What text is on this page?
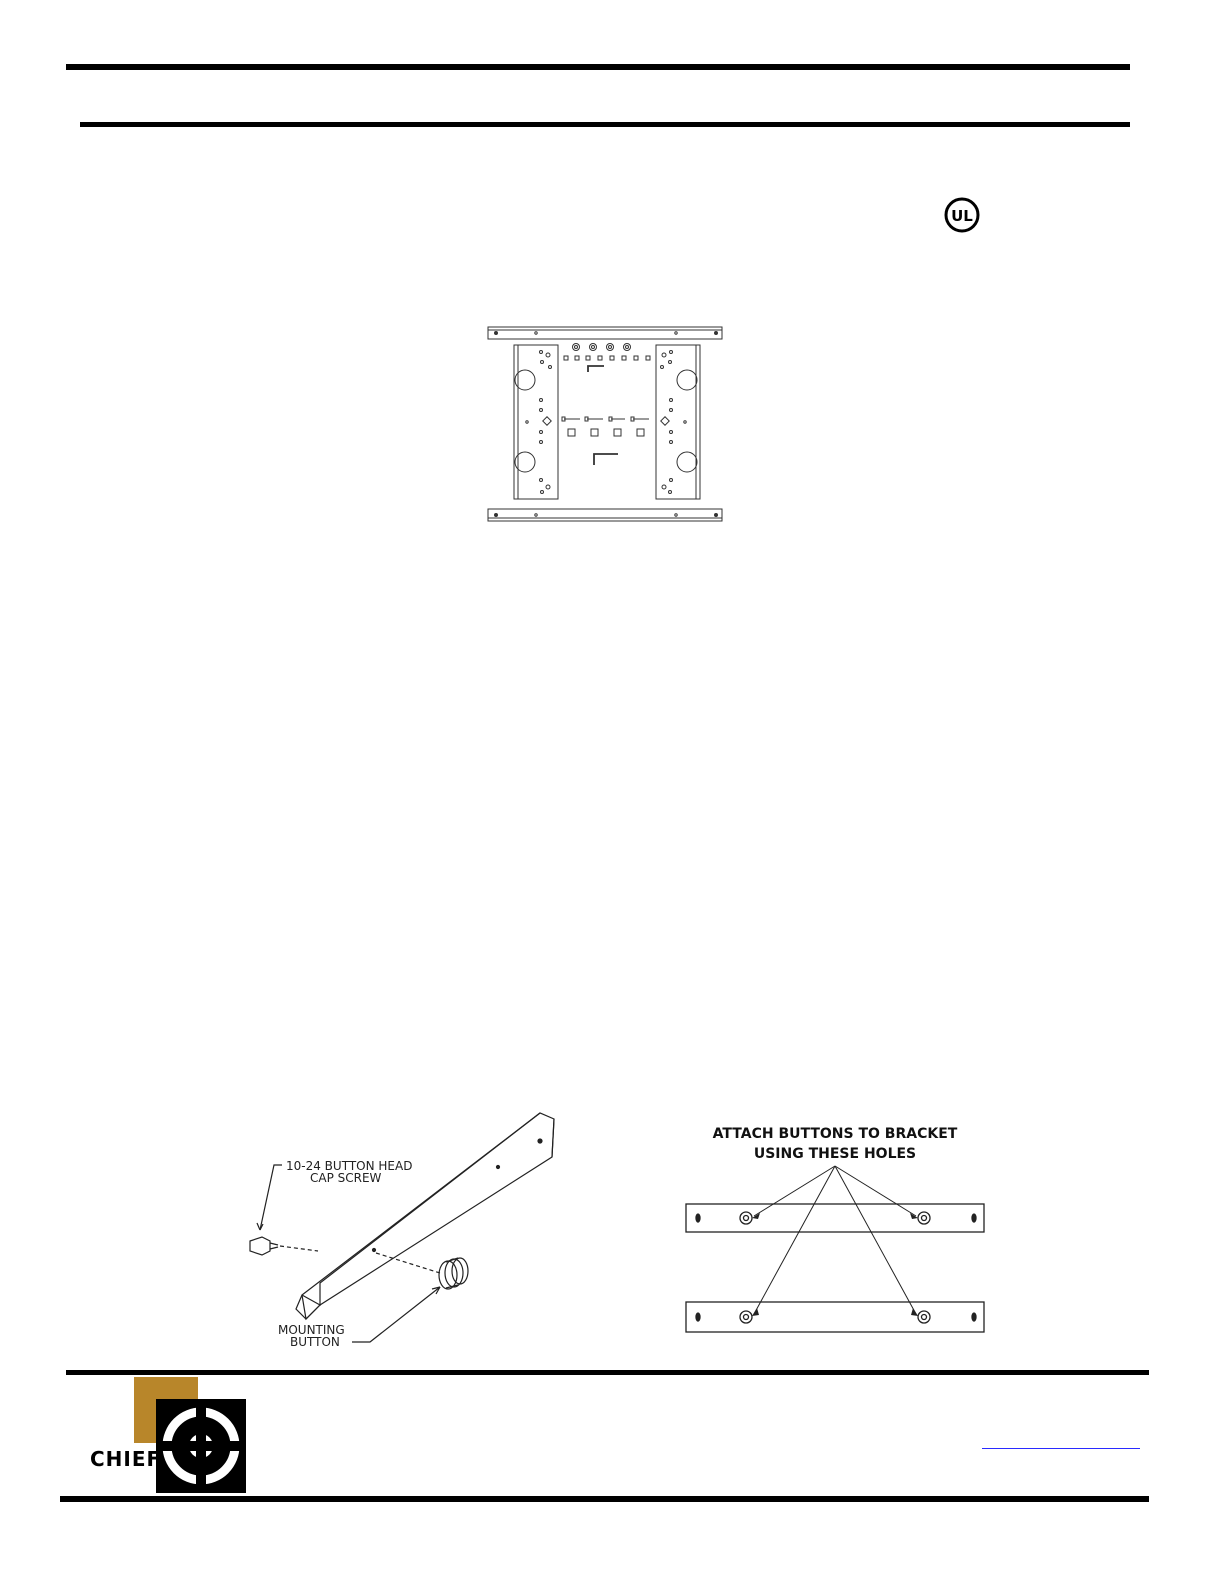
UL
10-24 BUTTON HEAD
CAP SCREW
MOUNTING
BUTTON
ATTACH BUTTONS TO BRACKET
USING THESE HOLES
CHIEF
